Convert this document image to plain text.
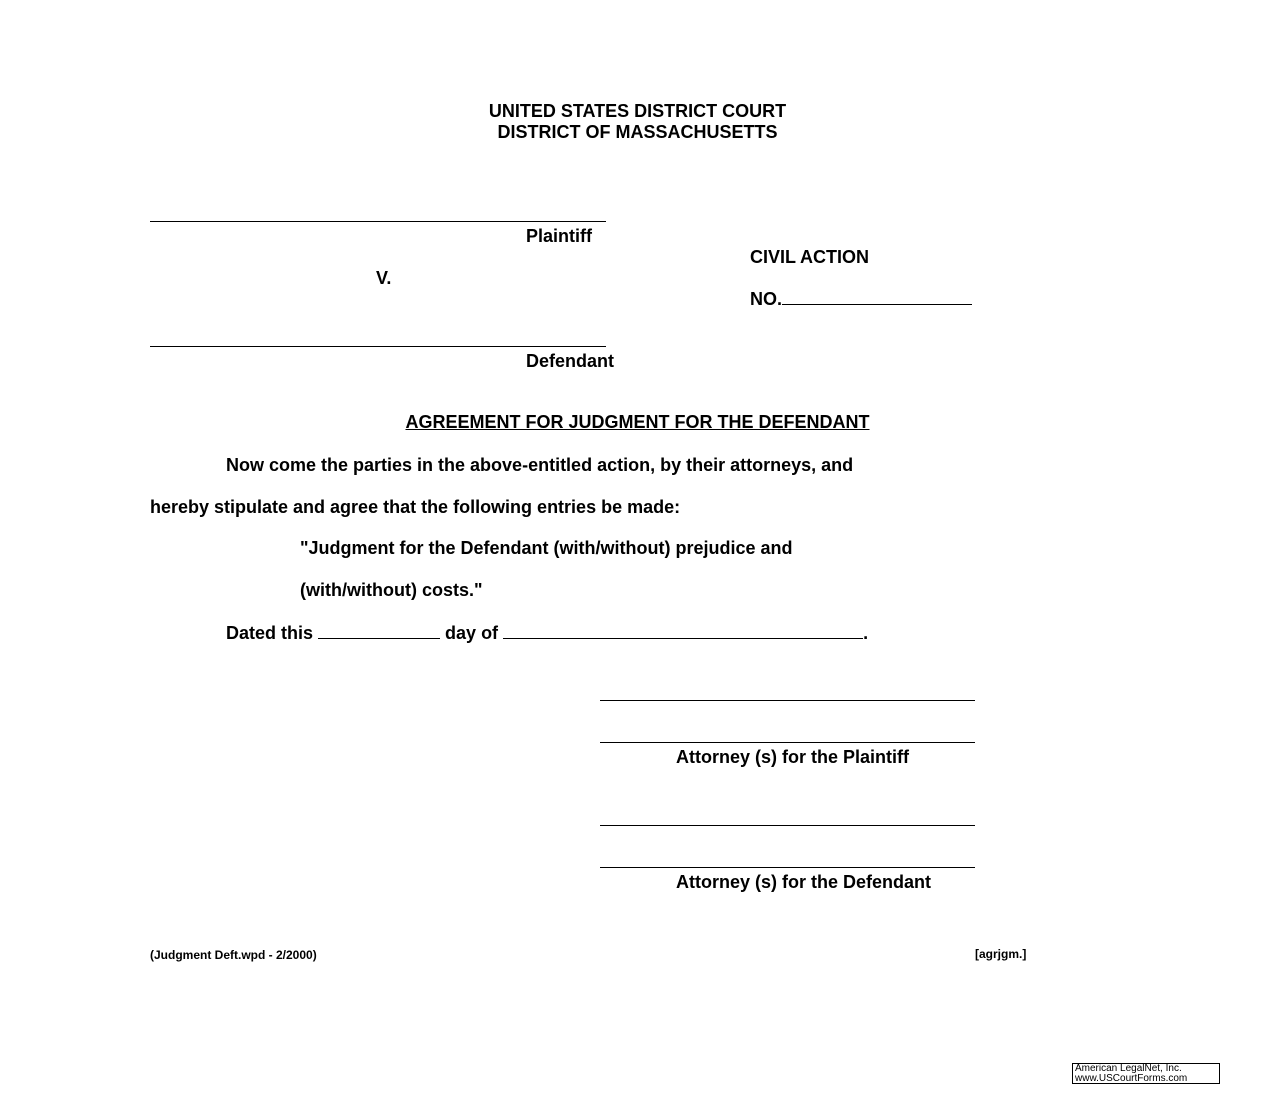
UNITED STATES DISTRICT COURT
DISTRICT OF MASSACHUSETTS
Plaintiff
CIVIL ACTION
V.
NO.
Defendant
AGREEMENT FOR JUDGMENT FOR THE DEFENDANT
Now come the parties in the above-entitled action, by their attorneys, and
hereby stipulate and agree that the following entries be made:
"Judgment for the Defendant (with/without) prejudice and
(with/without) costs."
Dated this	day of	.
Attorney (s) for the Plaintiff
Attorney (s) for the Defendant
(Judgment Deft.wpd - 2/2000)	[agrjgm.]
American LegalNet, Inc.
www.USCourtForms.com
